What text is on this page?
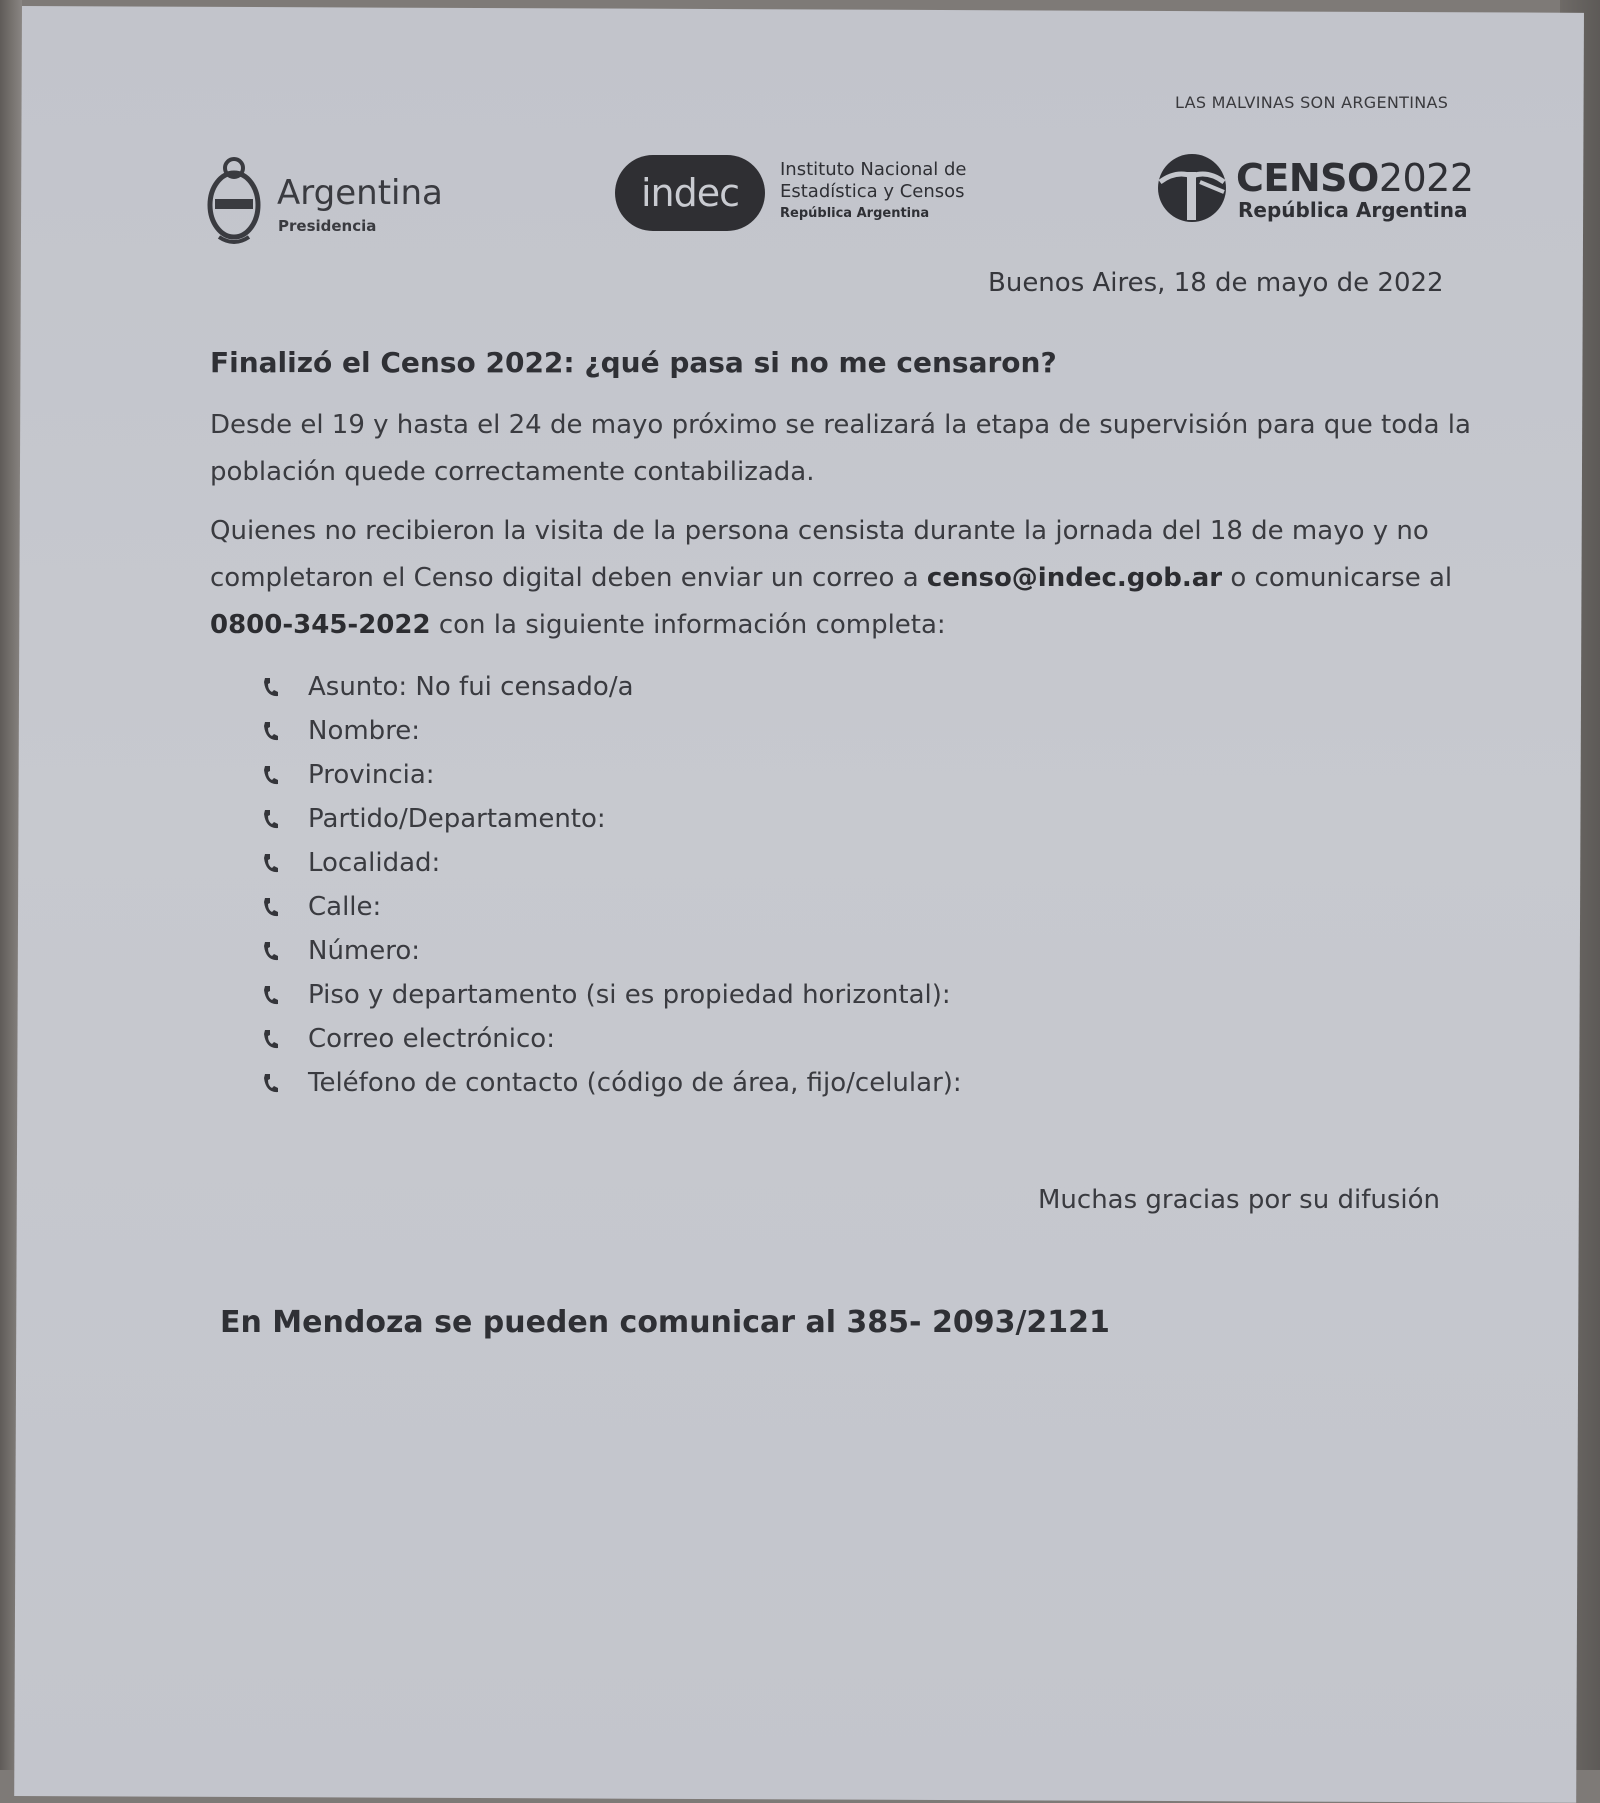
LAS MALVINAS SON ARGENTINAS
Argentina
Presidencia
indec
Instituto Nacional de
Estadística y Censos
República Argentina
CENSO2022
República Argentina
Buenos Aires, 18 de mayo de 2022
Finalizó el Censo 2022: ¿qué pasa si no me censaron?
Desde el 19 y hasta el 24 de mayo próximo se realizará la etapa de supervisión para que toda la población quede correctamente contabilizada.
Quienes no recibieron la visita de la persona censista durante la jornada del 18 de mayo y no completaron el Censo digital deben enviar un correo a censo@indec.gob.ar o comunicarse al 0800-345-2022 con la siguiente información completa:
Asunto: No fui censado/a
Nombre:
Provincia:
Partido/Departamento:
Localidad:
Calle:
Número:
Piso y departamento (si es propiedad horizontal):
Correo electrónico:
Teléfono de contacto (código de área, fijo/celular):
Muchas gracias por su difusión
En Mendoza se pueden comunicar al 385- 2093/2121
